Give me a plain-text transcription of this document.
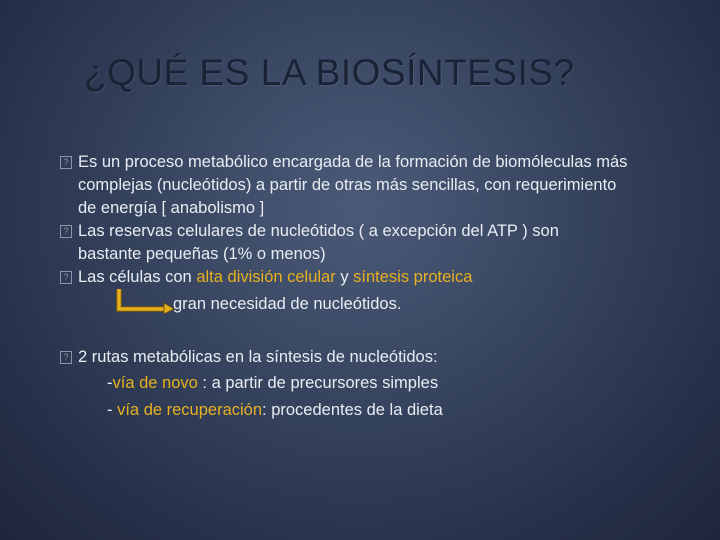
¿QUÉ ES LA BIOSÍNTESIS?
?
?
?
?
Es un proceso metabólico encargada de la formación de biomóleculas más
complejas (nucleótidos) a partir de otras más sencillas, con requerimiento
de energía [ anabolismo ]
Las reservas celulares de nucleótidos ( a excepción del ATP ) son
bastante pequeñas (1% o menos)
Las células con alta división celular y síntesis proteica
gran necesidad de nucleótidos.
2 rutas metabólicas en la síntesis de nucleótidos:
-vía de novo : a partir de precursores simples
- vía de recuperación: procedentes de la dieta
